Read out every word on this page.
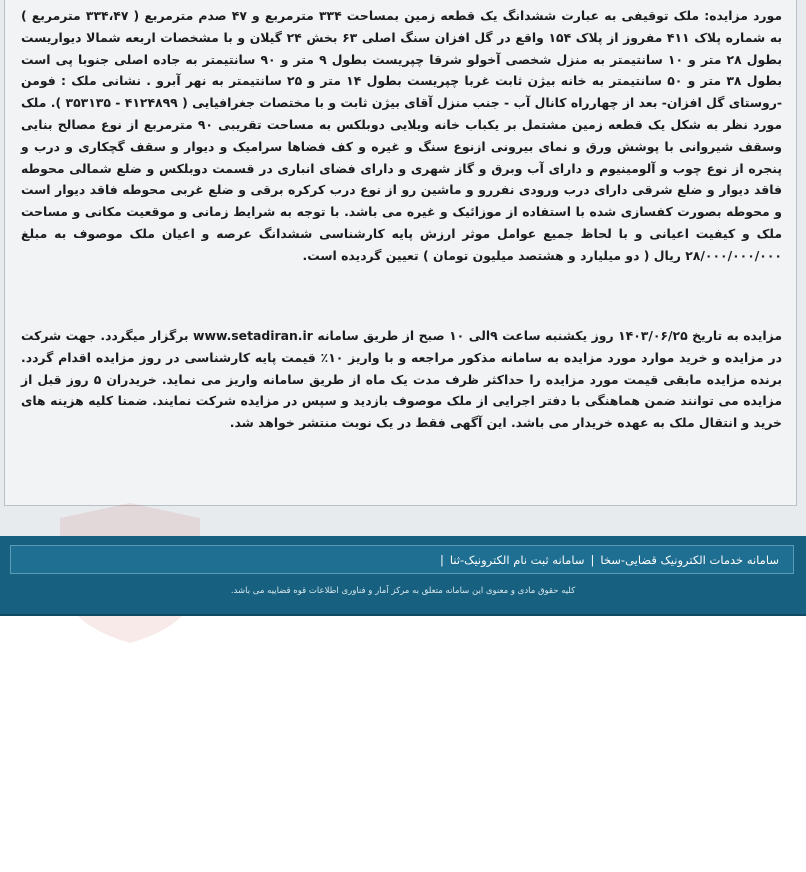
مورد مزایده: ملک توقیفی به عبارت ششدانگ یک قطعه زمین بمساحت ۳۳۴ مترمربع و ۴۷ صدم مترمربع ( ۳۳۴،۴۷ مترمربع ) به شماره پلاک ۴۱۱ مفروز از پلاک ۱۵۴ واقع در گل افزان سنگ اصلی ۶۳ بخش ۲۴ گیلان و با مشخصات اربعه شمالا دیواریست بطول ۲۸ متر و ۱۰ سانتیمتر به منزل شخصی آخولو شرقا چپریست بطول ۹ متر و ۹۰ سانتیمتر به جاده اصلی جنوبا پی است بطول ۳۸ متر و ۵۰ سانتیمتر به خانه بیژن ثابت غربا چپریست بطول ۱۴ متر و ۲۵ سانتیمتر به نهر آبرو . نشانی ملک : فومن -روستای گل افزان- بعد از چهارراه کانال آب - جنب منزل آقای بیژن ثابت و با مختصات جغرافیایی ( ۴۱۲۴۸۹۹ - ۳۵۳۱۳۵ ). ملک مورد نظر به شکل یک قطعه زمین مشتمل بر یکباب خانه ویلایی دوبلکس به مساحت تقریبی ۹۰ مترمربع از نوع مصالح بنایی وسقف شیروانی با پوشش ورق و نمای بیرونی ازنوع سنگ و غیره و کف فضاها سرامیک و دیوار و سقف گچکاری و درب و پنجره از نوع چوب و آلومینیوم و دارای آب وبرق و گاز شهری و دارای فضای انباری در قسمت دوبلکس و ضلع شمالی محوطه فاقد دیوار و ضلع شرقی دارای درب ورودی نفررو و ماشین رو از نوع درب کرکره برقی و ضلع غربی محوطه فاقد دیوار است و محوطه بصورت کفسازی شده با استفاده از موزائیک و غیره می باشد. با توجه به شرایط زمانی و موقعیت مکانی و مساحت ملک و کیفیت اعیانی و با لحاظ جمیع عوامل موثر ارزش پایه کارشناسی ششدانگ عرصه و اعیان ملک موصوف به مبلغ ۲۸/۰۰۰/۰۰۰/۰۰۰ ریال ( دو میلیارد و هشتصد میلیون تومان ) تعیین گردیده است.
مزایده به تاریخ ۱۴۰۳/۰۶/۲۵ روز یکشنبه ساعت ۹الی ۱۰ صبح از طریق سامانه www.setadiran.ir برگزار میگردد. جهت شرکت در مزایده و خرید موارد مورد مزایده به سامانه مذکور مراجعه و با واریز ۱۰٪ قیمت پایه کارشناسی در روز مزایده اقدام گردد. برنده مزایده مابقی قیمت مورد مزایده را حداکثر ظرف مدت یک ماه از طریق سامانه واریز می نماید. خریدران ۵ روز قبل از مزایده می توانند ضمن هماهنگی با دفتر اجرایی از ملک موصوف بازدید و سپس در مزایده شرکت نمایند. ضمنا کلیه هزینه های خرید و انتقال ملک به عهده خریدار می باشد. این آگهی فقط در یک نوبت منتشر خواهد شد.
سامانه خدمات الکترونیک قضایی-سخا
|
سامانه ثبت نام الکترونیک-ثنا
|
کلیه حقوق مادی و معنوی این سامانه متعلق به مرکز آمار و فناوری اطلاعات قوه قضاییه می باشد.
